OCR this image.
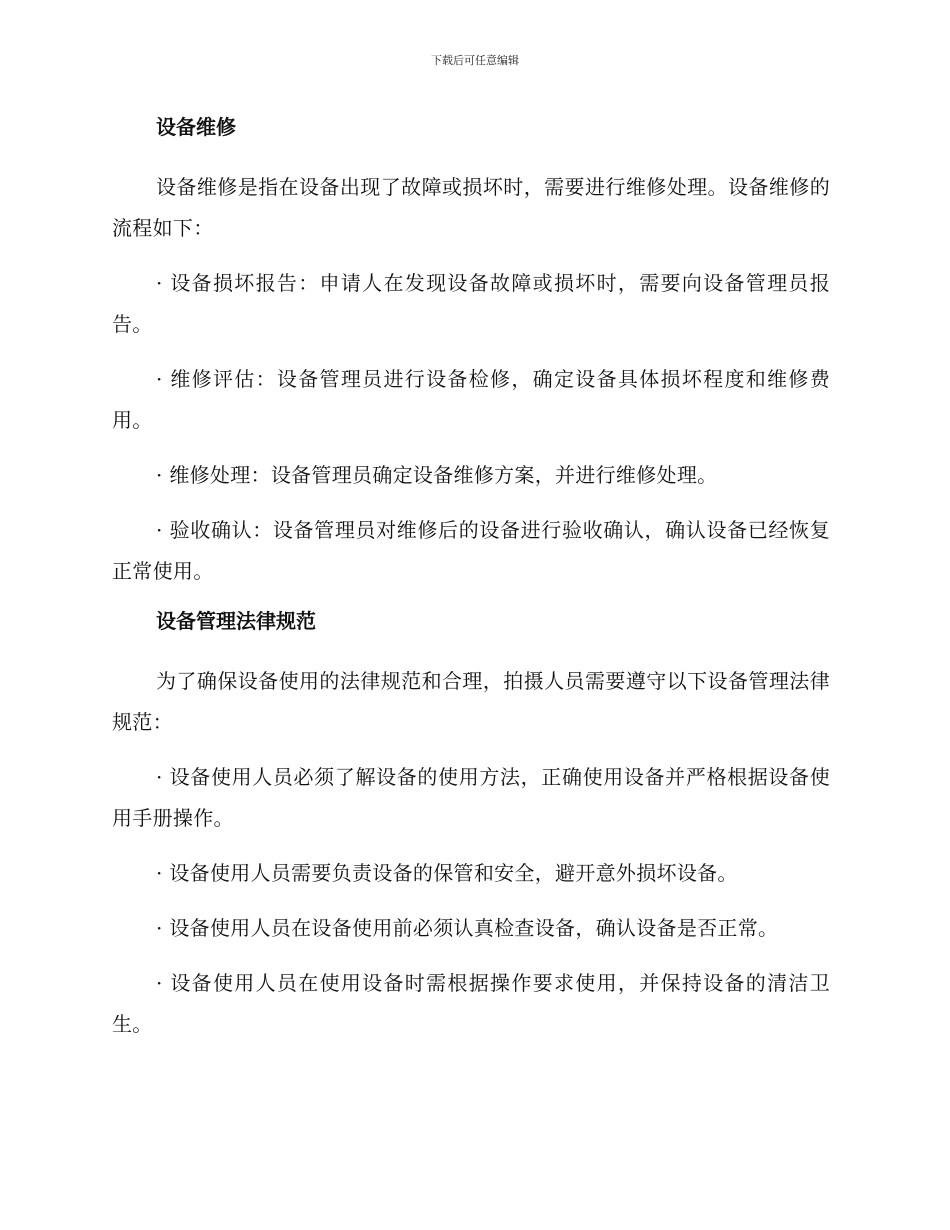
下载后可任意编辑
设备维修

设备维修是指在设备出现了故障或损坏时，需要进行维修处理。设备维修的流程如下：

· 设备损坏报告：申请人在发现设备故障或损坏时，需要向设备管理员报告。

· 维修评估：设备管理员进行设备检修，确定设备具体损坏程度和维修费用。

· 维修处理：设备管理员确定设备维修方案，并进行维修处理。

· 验收确认：设备管理员对维修后的设备进行验收确认，确认设备已经恢复正常使用。

设备管理法律规范

为了确保设备使用的法律规范和合理，拍摄人员需要遵守以下设备管理法律规范：

· 设备使用人员必须了解设备的使用方法，正确使用设备并严格根据设备使用手册操作。

· 设备使用人员需要负责设备的保管和安全，避开意外损坏设备。

· 设备使用人员在设备使用前必须认真检查设备，确认设备是否正常。

· 设备使用人员在使用设备时需根据操作要求使用，并保持设备的清洁卫生。
